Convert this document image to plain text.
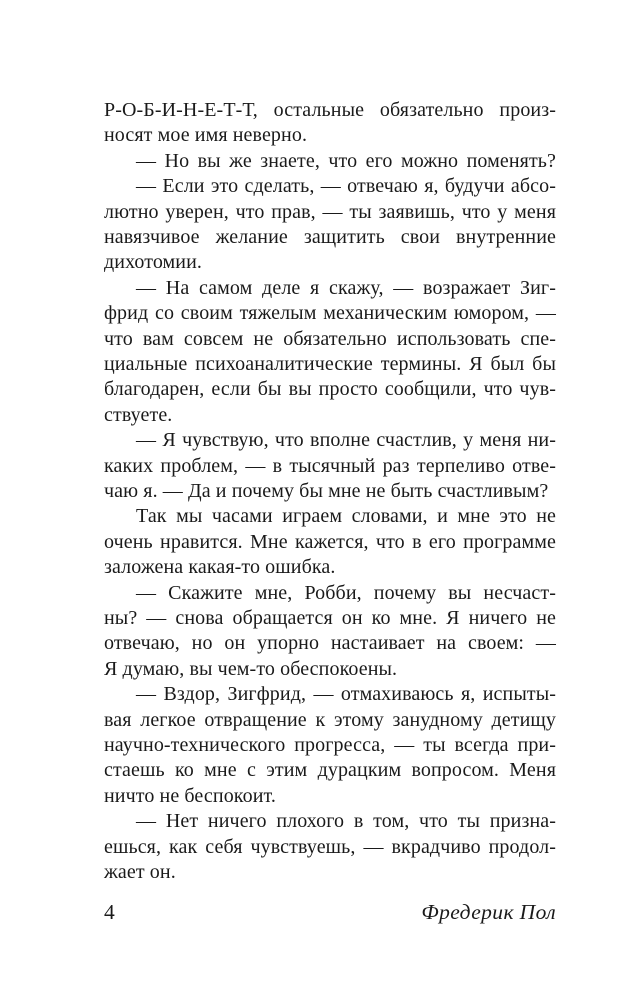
Р-О-Б-И-Н-Е-Т-Т, остальные обязательно произ-
носят мое имя неверно.
— Но вы же знаете, что его можно поменять?
— Если это сделать, — отвечаю я, будучи абсо-
лютно уверен, что прав, — ты заявишь, что у меня
навязчивое желание защитить свои внутренние
дихотомии.
— На самом деле я скажу, — возражает Зиг-
фрид со своим тяжелым механическим юмором, —
что вам совсем не обязательно использовать спе-
циальные психоаналитические термины. Я был бы
благодарен, если бы вы просто сообщили, что чув-
ствуете.
— Я чувствую, что вполне счастлив, у меня ни-
каких проблем, — в тысячный раз терпеливо отве-
чаю я. — Да и почему бы мне не быть счастливым?
Так мы часами играем словами, и мне это не
очень нравится. Мне кажется, что в его программе
заложена какая-то ошибка.
— Скажите мне, Робби, почему вы несчаст-
ны? — снова обращается он ко мне. Я ничего не
отвечаю, но он упорно настаивает на своем: —
Я думаю, вы чем-то обеспокоены.
— Вздор, Зигфрид, — отмахиваюсь я, испыты-
вая легкое отвращение к этому занудному детищу
научно-технического прогресса, — ты всегда при-
стаешь ко мне с этим дурацким вопросом. Меня
ничто не беспокоит.
— Нет ничего плохого в том, что ты призна-
ешься, как себя чувствуешь, — вкрадчиво продол-
жает он.
4	Фредерик Пол
